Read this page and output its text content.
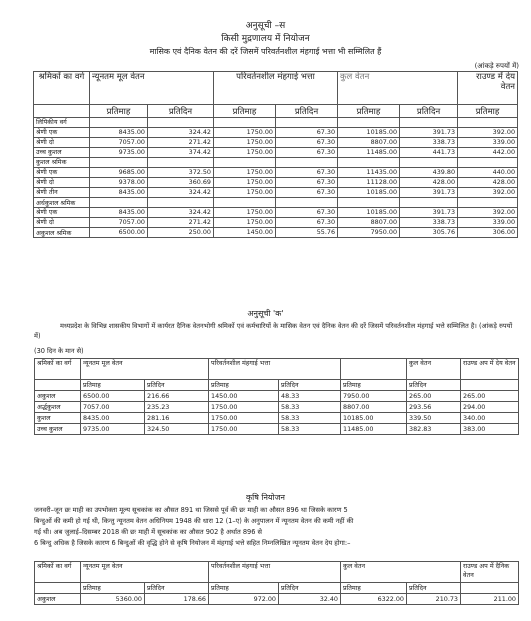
अनुसूची –स
किसी मुद्रणालय में नियोजन
मासिक एवं दैनिक वेतन की दरें जिसमें परिवर्तनशील मंहगाई भत्ता भी सम्मिलित हैं
(आंकड़े रुपयों में)
श्रमिकों का वर्ग	न्यूनतम मूल वेतन		परिवर्तनशील मंहगाई भत्ता		कुल वेतन		राउण्ड में देय वेतन
	प्रतिमाह	प्रतिदिन	प्रतिमाह	प्रतिदिन	प्रतिमाह	प्रतिदिन	प्रतिमाह
लिपिकीय वर्ग							
श्रेणी एक	8435.00	324.42	1750.00	67.30	10185.00	391.73	392.00
श्रेणी दो	7057.00	271.42	1750.00	67.30	8807.00	338.73	339.00
उच्च कुशल	9735.00	374.42	1750.00	67.30	11485.00	441.73	442.00
कुशल श्रमिक							
श्रेणी एक	9685.00	372.50	1750.00	67.30	11435.00	439.80	440.00
श्रेणी दो	9378.00	360.69	1750.00	67.30	11128.00	428.00	428.00
श्रेणी तीन	8435.00	324.42	1750.00	67.30	10185.00	391.73	392.00
अर्धकुशल श्रमिक							
श्रेणी एक	8435.00	324.42	1750.00	67.30	10185.00	391.73	392.00
श्रेणी दो	7057.00	271.42	1750.00	67.30	8807.00	338.73	339.00
अकुशल श्रमिक	6500.00	250.00	1450.00	55.76	7950.00	305.76	306.00
अनुसूची 'क'
मध्यप्रदेश के विभिन्न शासकीय विभागों में कार्यरत दैनिक वेतनभोगी श्रमिकों एवं कर्मचारियों के मासिक वेतन एवं दैनिक वेतन की दरें जिसमें परिवर्तनशील मंहगाई भत्ते सम्मिलित है। (आंकड़े रुपयों में)
(30 दिन के मान से)
श्रमिकों का वर्ग	न्यूनतम मूल वेतन		परिवर्तनशील मंहगाई भत्ता			कुल वेतन	राउण्ड अप में देय वेतन
	प्रतिमाह	प्रतिदिन	प्रतिमाह	प्रतिदिन	प्रतिमाह	प्रतिदिन	
अकुशल	6500.00	216.66	1450.00	48.33	7950.00	265.00	265.00
अर्द्धकुशल	7057.00	235.23	1750.00	58.33	8807.00	293.56	294.00
कुशल	8435.00	281.16	1750.00	58.33	10185.00	339.50	340.00
उच्च कुशल	9735.00	324.50	1750.00	58.33	11485.00	382.83	383.00
कृषि नियोजन
जनवरी–जून छः माही का उपभोक्ता मूल्य सूचकांक का औसत 891 था जिससे पूर्व की छः माही का औसत 896 था जिसके कारण 5
बिन्दुओं की कमी हो गई थी, किन्तु न्यूनतम वेतन अधिनियम 1948 की धारा 12 (1–ए) के अनुपालन में न्यूनतम वेतन की कमी नहीं की
गई थी। अब जुलाई–दिसम्बर 2018 की छः माही में सूचकांक का औसत 902 है अर्थात 896 से
6 बिन्दु अधिक है जिसके कारण 6 बिन्दुओं की वृद्धि होने से कृषि नियोजन में मंहगाई भत्ते सहित निम्नलिखित न्यूनतम वेतन देय होगा:–
श्रमिकों का वर्ग	न्यूनतम मूल वेतन		परिवर्तनशील मंहगाई भत्ता		कुल वेतन		राउण्ड अप में दैनिक वेतन
	प्रतिमाह	प्रतिदिन	प्रतिमाह	प्रतिदिन	प्रतिमाह	प्रतिदिन	
अकुशल	5360.00	178.66	972.00	32.40	6322.00	210.73	211.00
